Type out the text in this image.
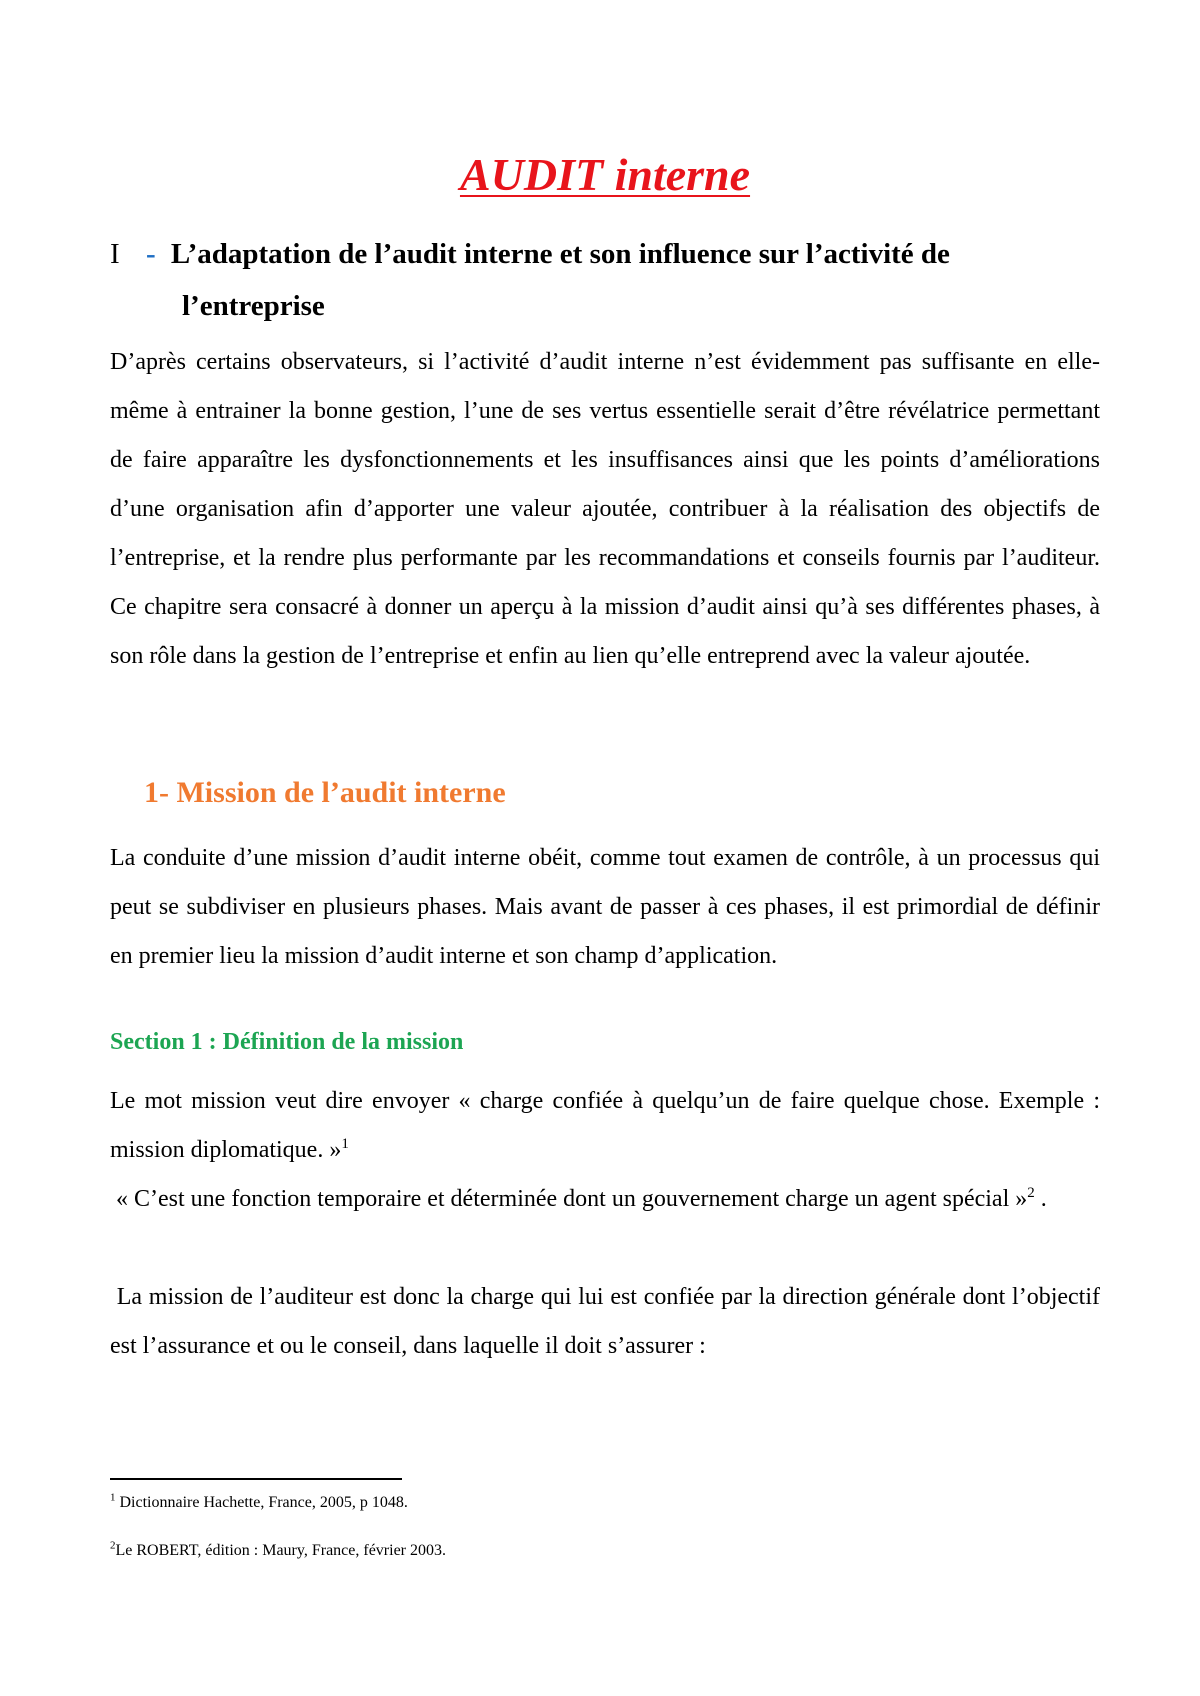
AUDIT interne
I - L’adaptation de l’audit interne et son influence sur l’activité de
l’entreprise

D’après certains observateurs, si l’activité d’audit interne n’est évidemment pas suffisante en elle-même à entrainer la bonne gestion, l’une de ses vertus essentielle serait d’être révélatrice permettant de faire apparaître les dysfonctionnements et les insuffisances ainsi que les points d’améliorations d’une organisation afin d’apporter une valeur ajoutée, contribuer à la réalisation des objectifs de l’entreprise, et la rendre plus performante par les recommandations et conseils fournis par l’auditeur. Ce chapitre sera consacré à donner un aperçu à la mission d’audit ainsi qu’à ses différentes phases, à son rôle dans la gestion de l’entreprise et enfin au lien qu’elle entreprend avec la valeur ajoutée.

1- Mission de l’audit interne

La conduite d’une mission d’audit interne obéit, comme tout examen de contrôle, à un processus qui peut se subdiviser en plusieurs phases. Mais avant de passer à ces phases, il est primordial de définir en premier lieu la mission d’audit interne et son champ d’application.

Section 1 : Définition de la mission

Le mot mission veut dire envoyer « charge confiée à quelqu’un de faire quelque chose. Exemple : mission diplomatique. »$^1$

« C’est une fonction temporaire et déterminée dont un gouvernement charge un agent spécial »$^2$ .

La mission de l’auditeur est donc la charge qui lui est confiée par la direction générale dont l’objectif est l’assurance et ou le conseil, dans laquelle il doit s’assurer :

$^1$ Dictionnaire Hachette, France, 2005, p 1048.

$^2$Le ROBERT, édition : Maury, France, février 2003.
